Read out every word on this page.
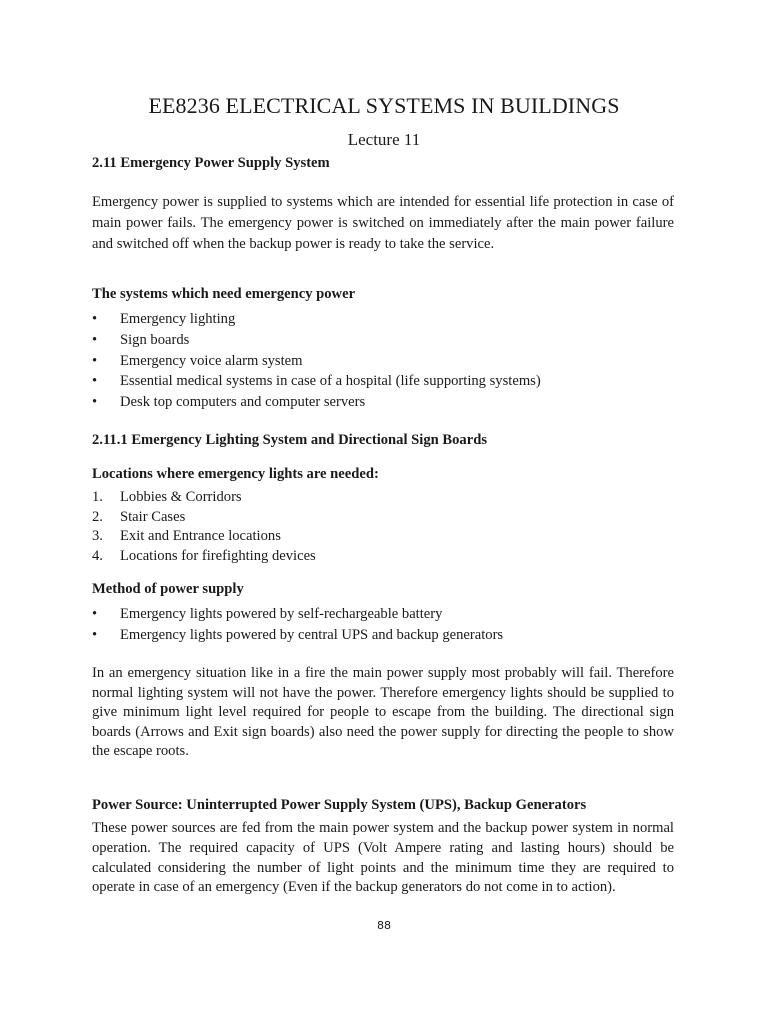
EE8236 ELECTRICAL SYSTEMS IN BUILDINGS
Lecture 11
2.11 Emergency Power Supply System

Emergency power is supplied to systems which are intended for essential life protection in case of main power fails. The emergency power is switched on immediately after the main power failure and switched off when the backup power is ready to take the service.

The systems which need emergency power
• Emergency lighting
• Sign boards
• Emergency voice alarm system
• Essential medical systems in case of a hospital (life supporting systems)
• Desk top computers and computer servers
2.11.1 Emergency Lighting System and Directional Sign Boards
Locations where emergency lights are needed:
1. Lobbies & Corridors
2. Stair Cases
3. Exit and Entrance locations
4. Locations for firefighting devices
Method of power supply
• Emergency lights powered by self-rechargeable battery
• Emergency lights powered by central UPS and backup generators

In an emergency situation like in a fire the main power supply most probably will fail. Therefore normal lighting system will not have the power. Therefore emergency lights should be supplied to give minimum light level required for people to escape from the building. The directional sign boards (Arrows and Exit sign boards) also need the power supply for directing the people to show the escape roots.

Power Source: Uninterrupted Power Supply System (UPS), Backup Generators

These power sources are fed from the main power system and the backup power system in normal operation. The required capacity of UPS (Volt Ampere rating and lasting hours) should be calculated considering the number of light points and the minimum time they are required to operate in case of an emergency (Even if the backup generators do not come in to action).

88
